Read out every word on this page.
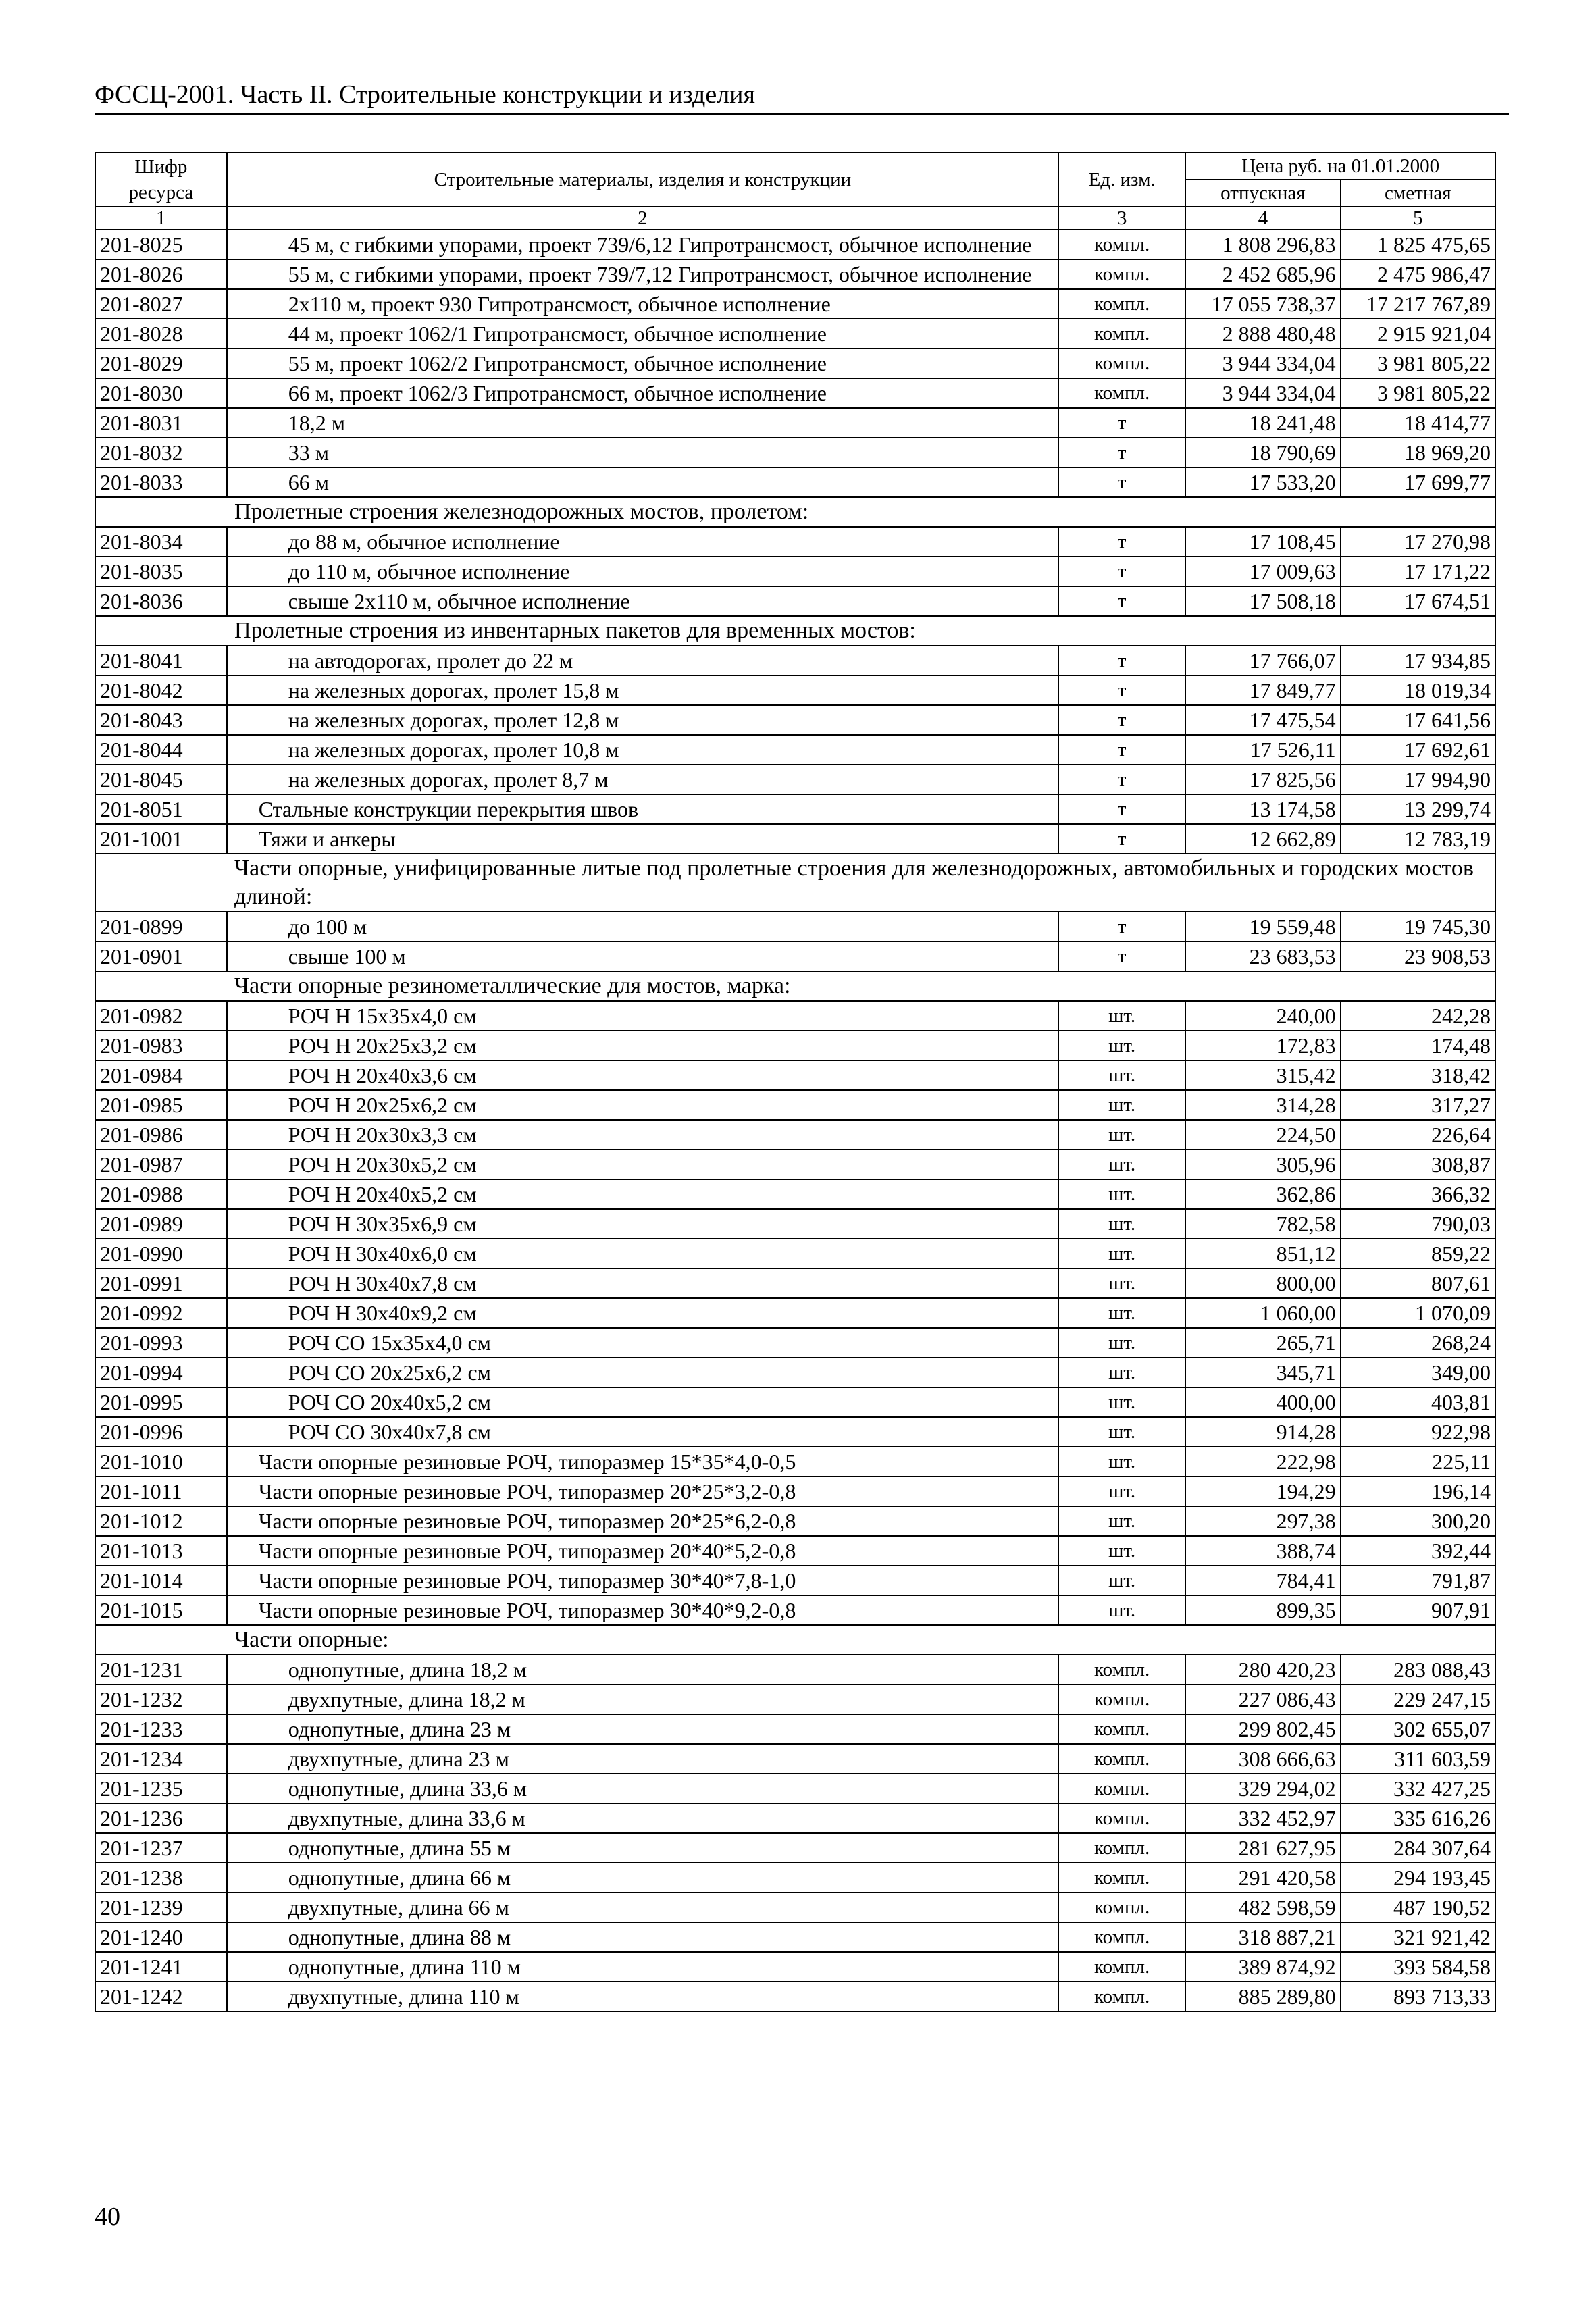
ФССЦ-2001. Часть II. Строительные конструкции и изделия
Шифр ресурса	Строительные материалы, изделия и конструкции	Ед. изм.	Цена руб. на 01.01.2000	
			отпускная	сметная
1	2	3	4	5
201-8025	45 м, с гибкими упорами, проект 739/6,12 Гипротрансмост, обычное исполнение	компл.	1 808 296,83	1 825 475,65
201-8026	55 м, с гибкими упорами, проект 739/7,12 Гипротрансмост, обычное исполнение	компл.	2 452 685,96	2 475 986,47
201-8027	2x110 м, проект 930 Гипротрансмост, обычное исполнение	компл.	17 055 738,37	17 217 767,89
201-8028	44 м, проект 1062/1 Гипротрансмост, обычное исполнение	компл.	2 888 480,48	2 915 921,04
201-8029	55 м, проект 1062/2 Гипротрансмост, обычное исполнение	компл.	3 944 334,04	3 981 805,22
201-8030	66 м, проект 1062/3 Гипротрансмост, обычное исполнение	компл.	3 944 334,04	3 981 805,22
201-8031	18,2 м	т	18 241,48	18 414,77
201-8032	33 м	т	18 790,69	18 969,20
201-8033	66 м	т	17 533,20	17 699,77
Пролетные строения железнодорожных мостов, пролетом:				
201-8034	до 88 м, обычное исполнение	т	17 108,45	17 270,98
201-8035	до 110 м, обычное исполнение	т	17 009,63	17 171,22
201-8036	свыше 2x110 м, обычное исполнение	т	17 508,18	17 674,51
Пролетные строения из инвентарных пакетов для временных мостов:				
201-8041	на автодорогах, пролет до 22 м	т	17 766,07	17 934,85
201-8042	на железных дорогах, пролет 15,8 м	т	17 849,77	18 019,34
201-8043	на железных дорогах, пролет 12,8 м	т	17 475,54	17 641,56
201-8044	на железных дорогах, пролет 10,8 м	т	17 526,11	17 692,61
201-8045	на железных дорогах, пролет 8,7 м	т	17 825,56	17 994,90
201-8051	Стальные конструкции перекрытия швов	т	13 174,58	13 299,74
201-1001	Тяжи и анкеры	т	12 662,89	12 783,19
Части опорные, унифицированные литые под пролетные строения для железнодорожных, автомобильных и городских мостов длиной:				
201-0899	до 100 м	т	19 559,48	19 745,30
201-0901	свыше 100 м	т	23 683,53	23 908,53
Части опорные резинометаллические для мостов, марка:				
201-0982	РОЧ Н 15х35х4,0 см	шт.	240,00	242,28
201-0983	РОЧ Н 20х25х3,2 см	шт.	172,83	174,48
201-0984	РОЧ Н 20х40х3,6 см	шт.	315,42	318,42
201-0985	РОЧ Н 20х25х6,2 см	шт.	314,28	317,27
201-0986	РОЧ Н 20х30х3,3 см	шт.	224,50	226,64
201-0987	РОЧ Н 20х30х5,2 см	шт.	305,96	308,87
201-0988	РОЧ Н 20х40х5,2 см	шт.	362,86	366,32
201-0989	РОЧ Н 30х35х6,9 см	шт.	782,58	790,03
201-0990	РОЧ Н 30х40х6,0 см	шт.	851,12	859,22
201-0991	РОЧ Н 30х40х7,8 см	шт.	800,00	807,61
201-0992	РОЧ Н 30х40х9,2 см	шт.	1 060,00	1 070,09
201-0993	РОЧ СО 15х35х4,0 см	шт.	265,71	268,24
201-0994	РОЧ СО 20х25х6,2 см	шт.	345,71	349,00
201-0995	РОЧ СО 20х40х5,2 см	шт.	400,00	403,81
201-0996	РОЧ СО 30х40х7,8 см	шт.	914,28	922,98
201-1010	Части опорные резиновые РОЧ, типоразмер 15*35*4,0-0,5	шт.	222,98	225,11
201-1011	Части опорные резиновые РОЧ, типоразмер 20*25*3,2-0,8	шт.	194,29	196,14
201-1012	Части опорные резиновые РОЧ, типоразмер 20*25*6,2-0,8	шт.	297,38	300,20
201-1013	Части опорные резиновые РОЧ, типоразмер 20*40*5,2-0,8	шт.	388,74	392,44
201-1014	Части опорные резиновые РОЧ, типоразмер 30*40*7,8-1,0	шт.	784,41	791,87
201-1015	Части опорные резиновые РОЧ, типоразмер 30*40*9,2-0,8	шт.	899,35	907,91
Части опорные:				
201-1231	однопутные, длина 18,2 м	компл.	280 420,23	283 088,43
201-1232	двухпутные, длина 18,2 м	компл.	227 086,43	229 247,15
201-1233	однопутные, длина 23 м	компл.	299 802,45	302 655,07
201-1234	двухпутные, длина 23 м	компл.	308 666,63	311 603,59
201-1235	однопутные, длина 33,6 м	компл.	329 294,02	332 427,25
201-1236	двухпутные, длина 33,6 м	компл.	332 452,97	335 616,26
201-1237	однопутные, длина 55 м	компл.	281 627,95	284 307,64
201-1238	однопутные, длина 66 м	компл.	291 420,58	294 193,45
201-1239	двухпутные, длина 66 м	компл.	482 598,59	487 190,52
201-1240	однопутные, длина 88 м	компл.	318 887,21	321 921,42
201-1241	однопутные, длина 110 м	компл.	389 874,92	393 584,58
201-1242	двухпутные, длина 110 м	компл.	885 289,80	893 713,33
40
